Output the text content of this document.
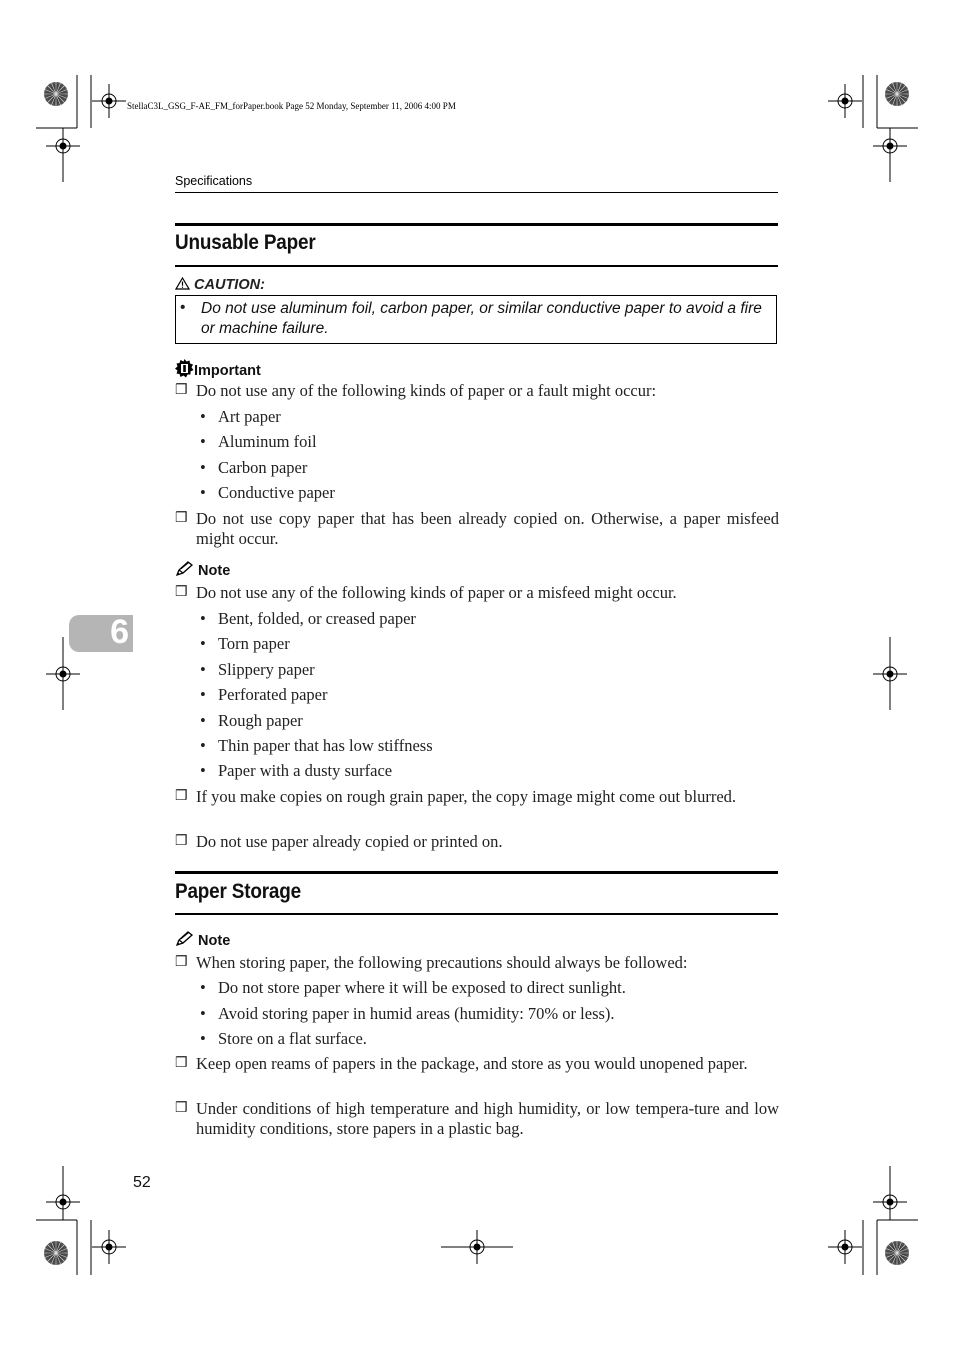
StellaC3L_GSG_F-AE_FM_forPaper.book Page 52 Monday, September 11, 2006 4:00 PM
Specifications
Unusable Paper
CAUTION:
• Do not use aluminum foil, carbon paper, or similar conductive paper to avoid a fire or machine failure.
Important
❒ Do not use any of the following kinds of paper or a fault might occur:
• Art paper
• Aluminum foil
• Carbon paper
• Conductive paper
❒ Do not use copy paper that has been already copied on. Otherwise, a paper misfeed might occur.
Note
❒ Do not use any of the following kinds of paper or a misfeed might occur.
• Bent, folded, or creased paper
• Torn paper
• Slippery paper
• Perforated paper
• Rough paper
• Thin paper that has low stiffness
• Paper with a dusty surface
❒ If you make copies on rough grain paper, the copy image might come out blurred.
❒ Do not use paper already copied or printed on.
6
Paper Storage
Note
❒ When storing paper, the following precautions should always be followed:
• Do not store paper where it will be exposed to direct sunlight.
• Avoid storing paper in humid areas (humidity: 70% or less).
• Store on a flat surface.
❒ Keep open reams of papers in the package, and store as you would unopened paper.
❒ Under conditions of high temperature and high humidity, or low tempera-ture and low humidity conditions, store papers in a plastic bag.
52
